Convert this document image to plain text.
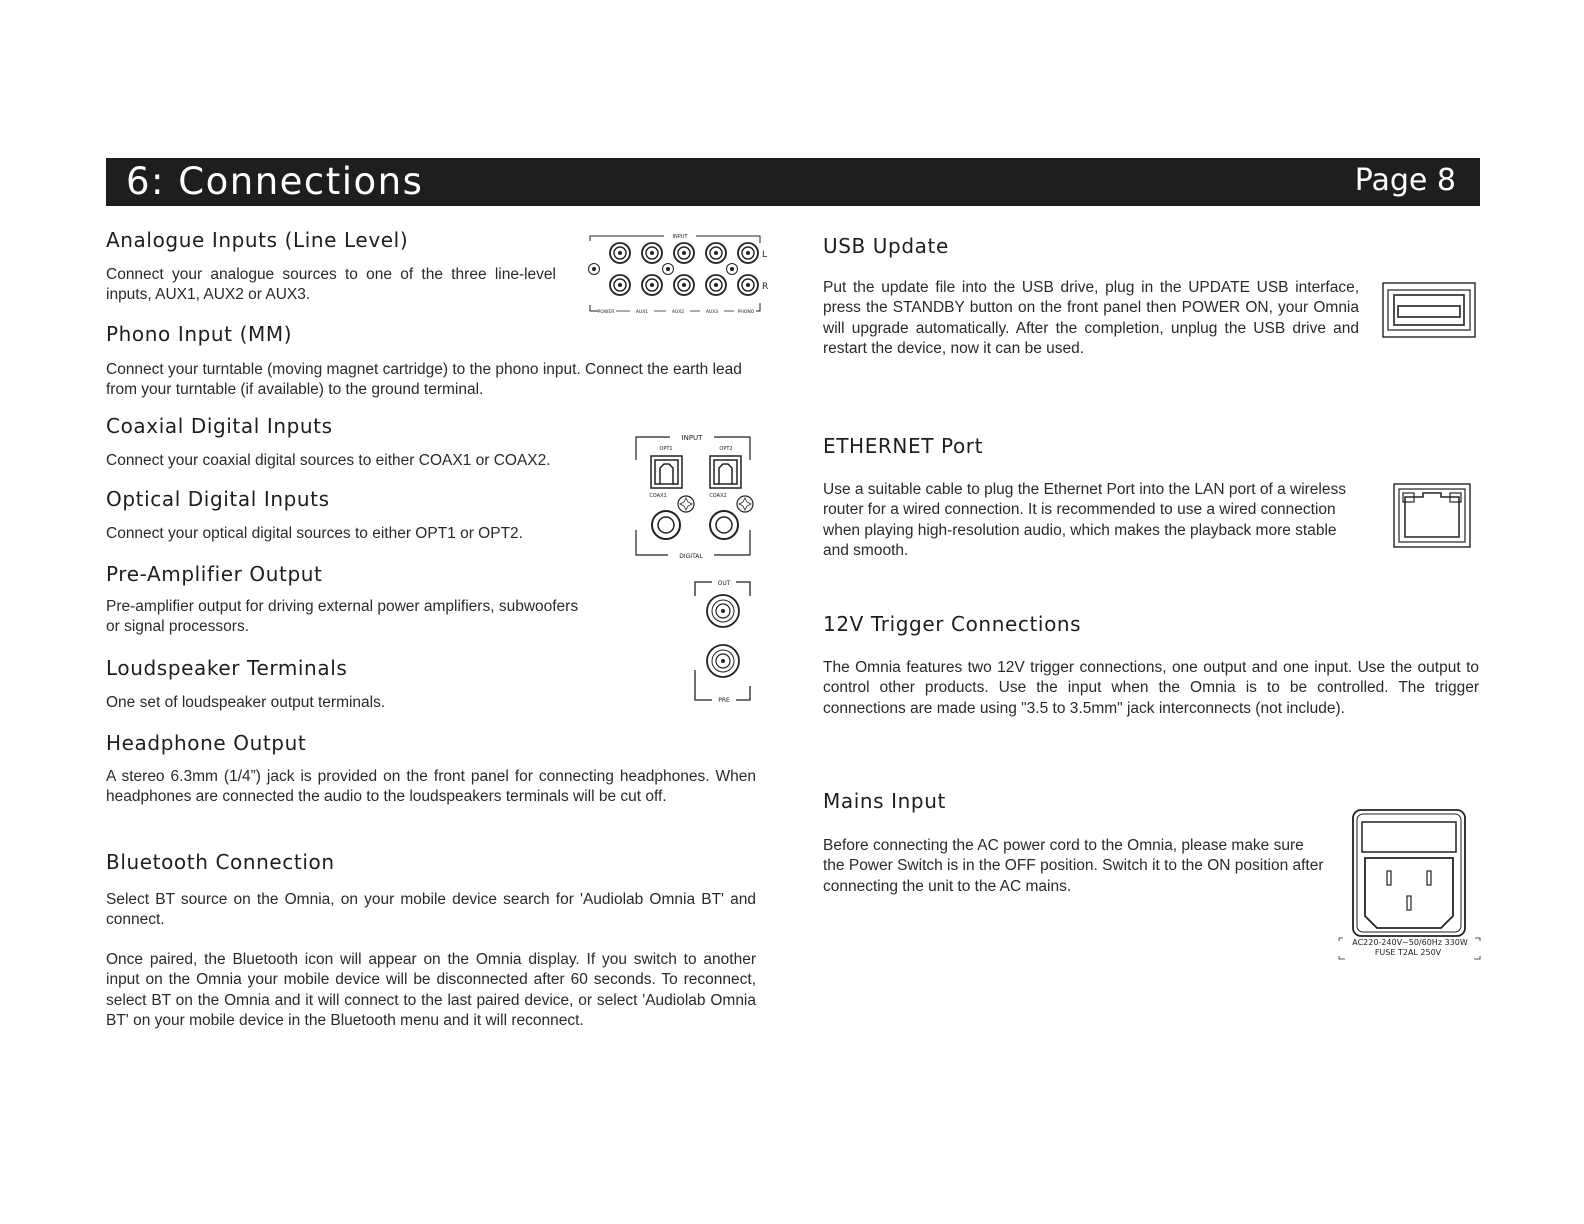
6: Connections	Page 8
Analogue Inputs (Line Level)

Connect your analogue sources to one of the three line-level inputs, AUX1, AUX2 or AUX3.

Phono Input (MM)

Connect your turntable (moving magnet cartridge) to the phono input. Connect the earth lead from your turntable (if available) to the ground terminal.

Coaxial Digital Inputs

Connect your coaxial digital sources to either COAX1 or COAX2.

Optical Digital Inputs

Connect your optical digital sources to either OPT1 or OPT2.

Pre-Amplifier Output

Pre-amplifier output for driving external power amplifiers, subwoofers or signal processors.

Loudspeaker Terminals

One set of loudspeaker output terminals.

Headphone Output

A stereo 6.3mm (1/4”) jack is provided on the front panel for connecting headphones. When headphones are connected the audio to the loudspeakers terminals will be cut off.

Bluetooth Connection

Select BT source on the Omnia, on your mobile device search for 'Audiolab Omnia BT' and connect.

Once paired, the Bluetooth icon will appear on the Omnia display. If you switch to another input on the Omnia your mobile device will be disconnected after 60 seconds. To reconnect, select BT on the Omnia and it will connect to the last paired device, or select 'Audiolab Omnia BT' on your mobile device in the Bluetooth menu and it will reconnect.

USB Update

Put the update file into the USB drive, plug in the UPDATE USB interface, press the STANDBY button on the front panel then POWER ON, your Omnia will upgrade automatically. After the completion, unplug the USB drive and restart the device, now it can be used.

ETHERNET Port

Use a suitable cable to plug the Ethernet Port into the LAN port of a wireless router for a wired connection. It is recommended to use a wired connection when playing high-resolution audio, which makes the playback more stable and smooth.

12V Trigger Connections

The Omnia features two 12V trigger connections, one output and one input. Use the output to control other products. Use the input when the Omnia is to be controlled. The trigger connections are made using "3.5 to 3.5mm" jack interconnects (not include).

Mains Input

Before connecting the AC power cord to the Omnia, please make sure the Power Switch is in the OFF position. Switch it to the ON position after connecting the unit to the AC mains.

INPUT
L
R
POWER	AUX1	AUX2	AUX3	PHONO
INPUT
DIGITAL
OPT1	OPT2
COAX1	COAX2
OUT
PRE
AC220-240V~50/60Hz 330W
FUSE T2AL 250V
